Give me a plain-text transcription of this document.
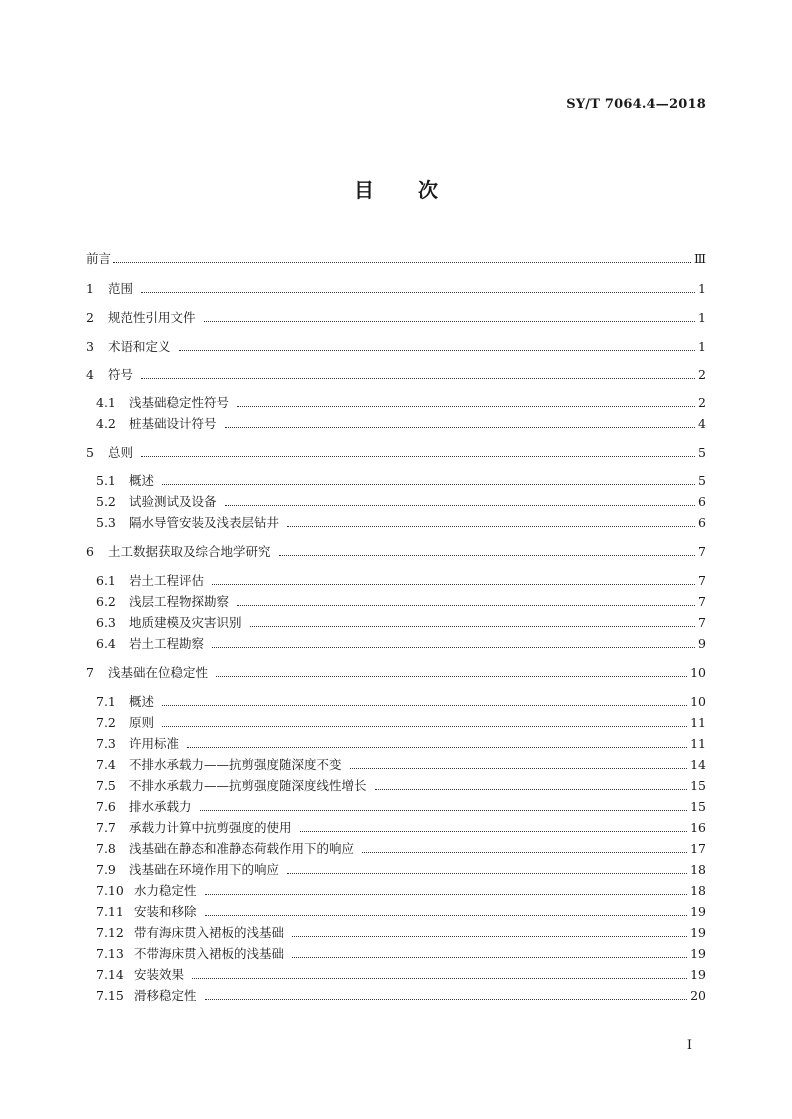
SY/T 7064.4—2018
目 次
前言	Ⅲ
1	范围	1
2	规范性引用文件	1
3	术语和定义	1
4	符号	2
4.1	浅基础稳定性符号	2
4.2	桩基础设计符号	4
5	总则	5
5.1	概述	5
5.2	试验测试及设备	6
5.3	隔水导管安装及浅表层钻井	6
6	土工数据获取及综合地学研究	7
6.1	岩土工程评估	7
6.2	浅层工程物探勘察	7
6.3	地质建模及灾害识别	7
6.4	岩土工程勘察	9
7	浅基础在位稳定性	10
7.1	概述	10
7.2	原则	11
7.3	许用标准	11
7.4	不排水承载力——抗剪强度随深度不变	14
7.5	不排水承载力——抗剪强度随深度线性增长	15
7.6	排水承载力	15
7.7	承载力计算中抗剪强度的使用	16
7.8	浅基础在静态和准静态荷载作用下的响应	17
7.9	浅基础在环境作用下的响应	18
7.10 水力稳定性	18
7.11 安装和移除	19
7.12 带有海床贯入裙板的浅基础	19
7.13 不带海床贯入裙板的浅基础	19
7.14 安装效果	19
7.15 滑移稳定性	20
I
